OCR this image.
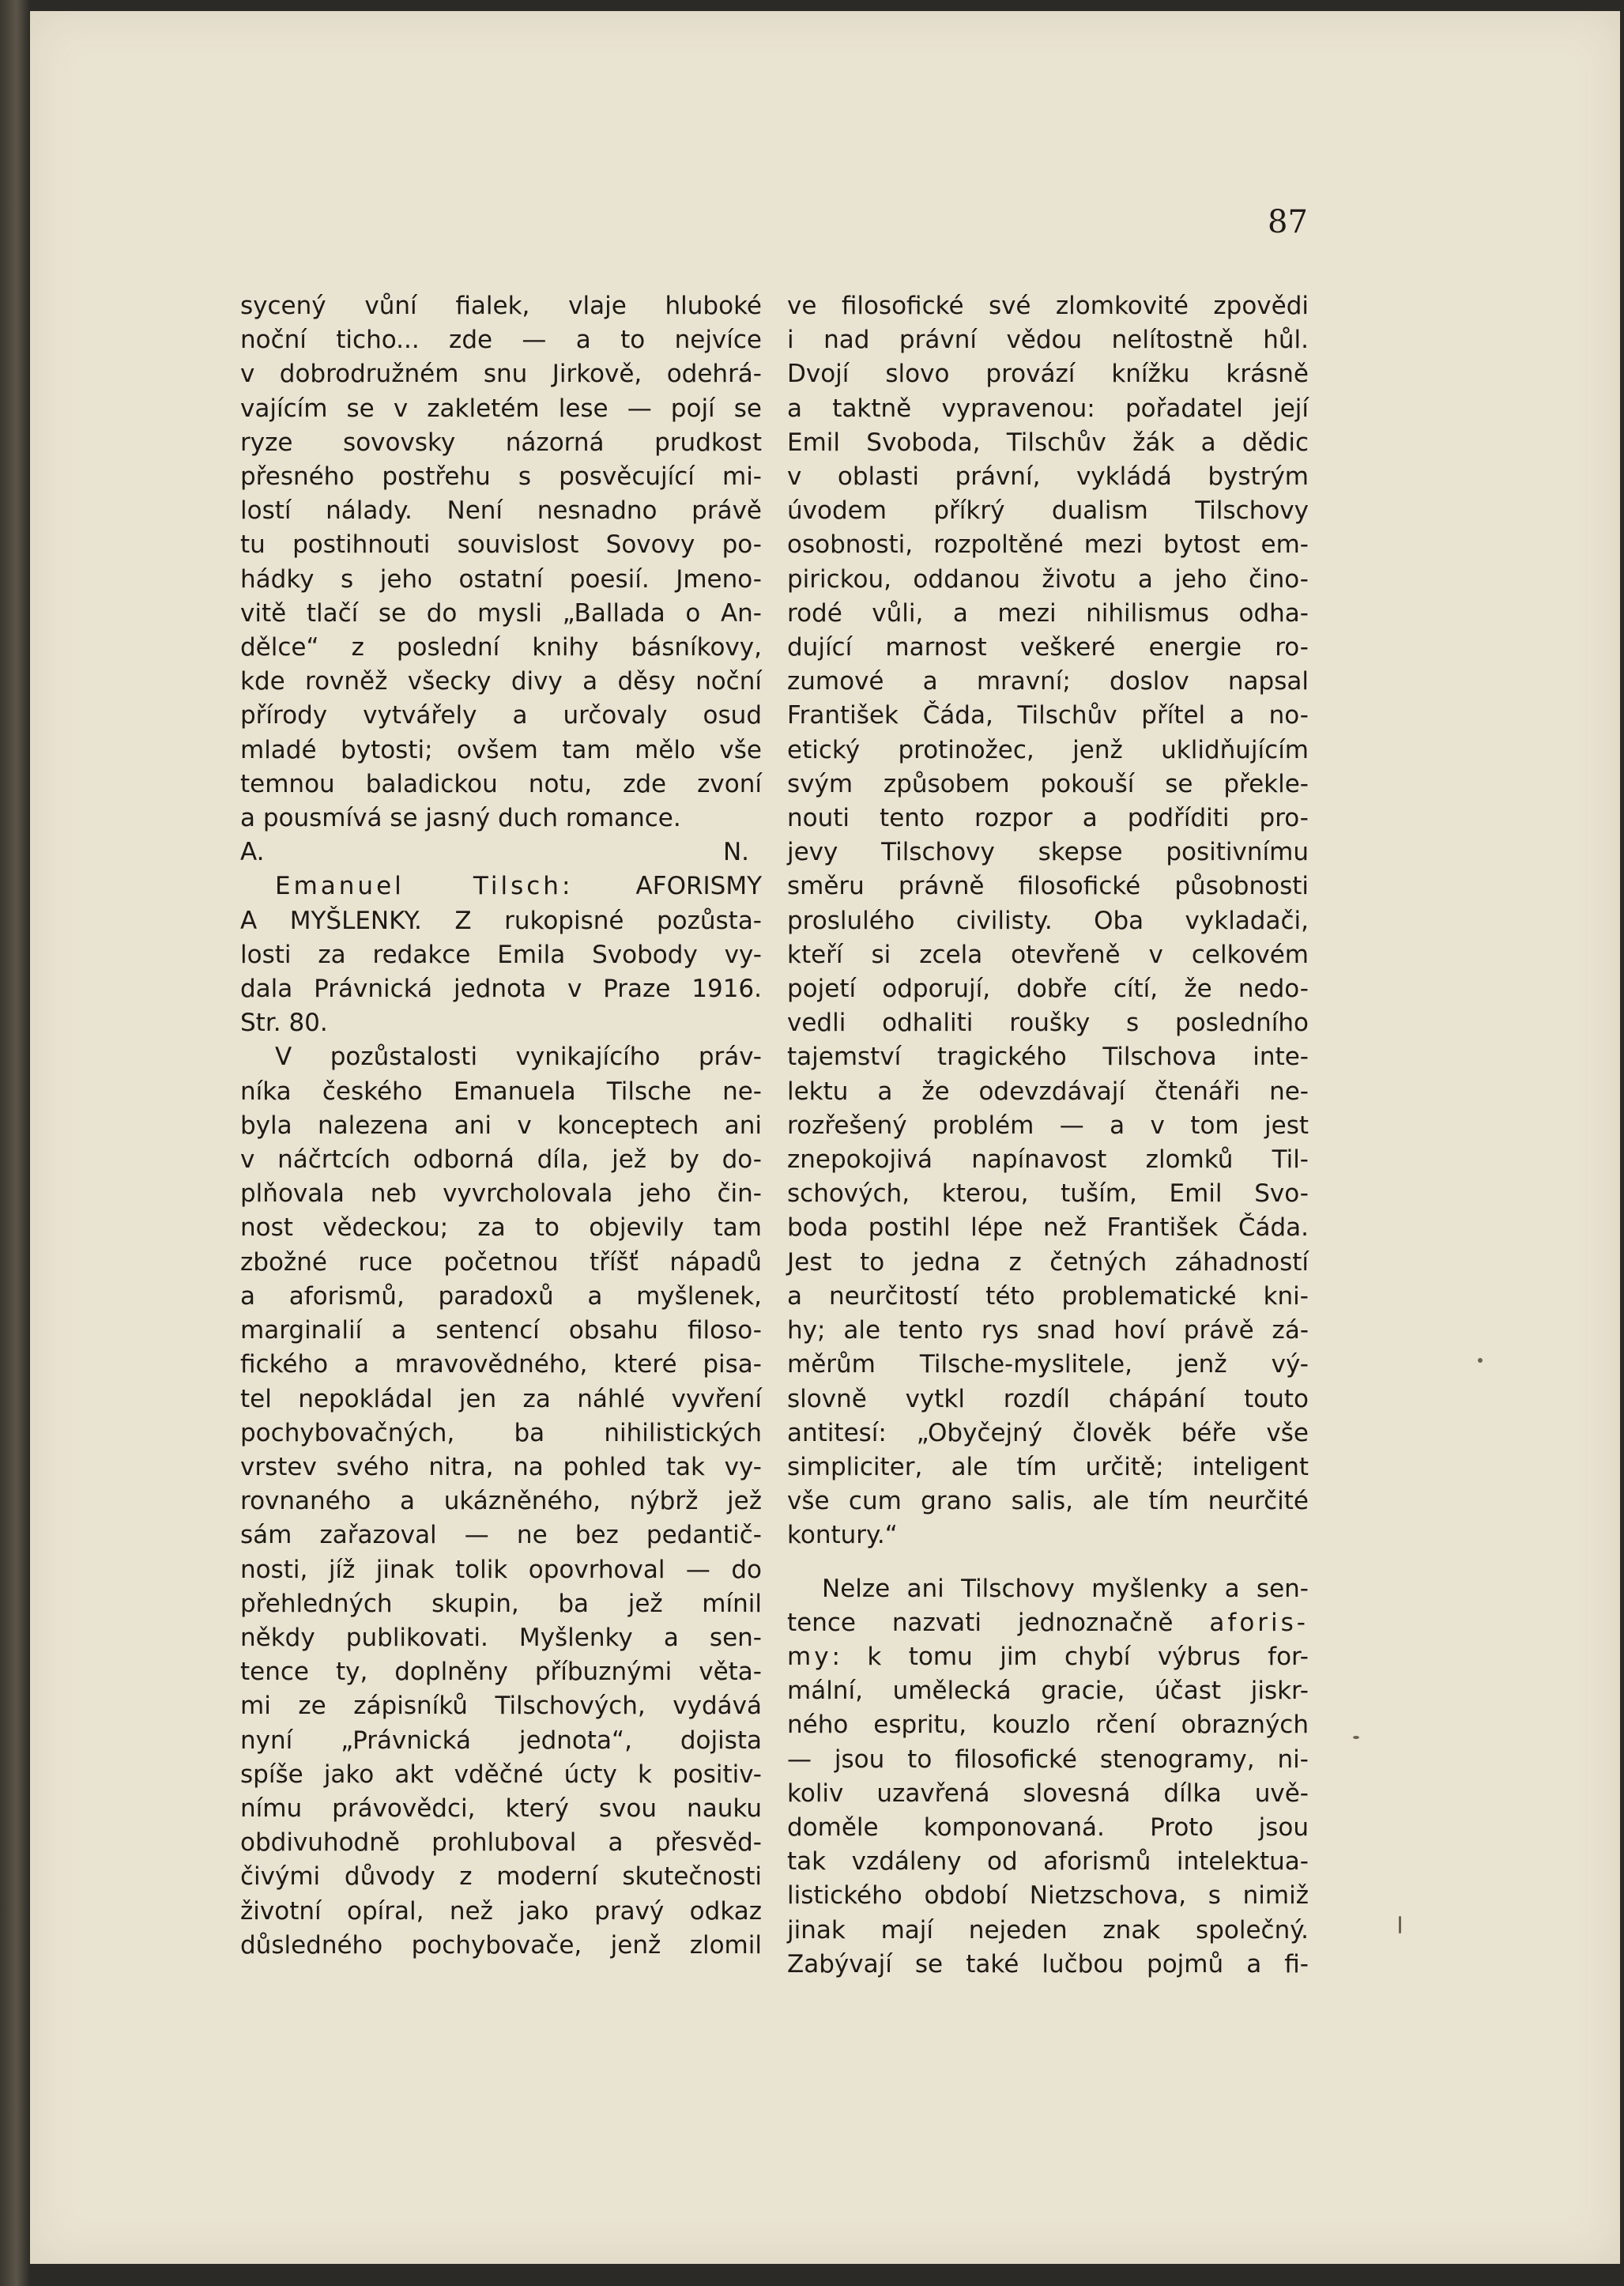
87

sycený vůní fialek, vlaje hluboké

noční ticho... zde — a to nejvíce

v dobrodružném snu Jirkově, odehrá-

vajícím se v zakletém lese — pojí se

ryze sovovsky názorná prudkost

přesného postřehu s posvěcující mi-

lostí nálady. Není nesnadno právě

tu postihnouti souvislost Sovovy po-

hádky s jeho ostatní poesií. Jmeno-

vitě tlačí se do mysli „Ballada o An-

dělce“ z poslední knihy básníkovy,

kde rovněž všecky divy a děsy noční

přírody vytvářely a určovaly osud

mladé bytosti; ovšem tam mělo vše

temnou baladickou notu, zde zvoní

a pousmívá se jasný duch romance.

A. N.

Emanuel Tilsch: AFORISMY

A MYŠLENKY. Z rukopisné pozůsta-

losti za redakce Emila Svobody vy-

dala Právnická jednota v Praze 1916.

Str. 80.

V pozůstalosti vynikajícího práv-

níka českého Emanuela Tilsche ne-

byla nalezena ani v konceptech ani

v náčrtcích odborná díla, jež by do-

plňovala neb vyvrcholovala jeho čin-

nost vědeckou; za to objevily tam

zbožné ruce početnou tříšť nápadů

a aforismů, paradoxů a myšlenek,

marginalií a sentencí obsahu filoso-

fického a mravovědného, které pisa-

tel nepokládal jen za náhlé vyvření

pochybovačných, ba nihilistických

vrstev svého nitra, na pohled tak vy-

rovnaného a ukázněného, nýbrž jež

sám zařazoval — ne bez pedantič-

nosti, jíž jinak tolik opovrhoval — do

přehledných skupin, ba jež mínil

někdy publikovati. Myšlenky a sen-

tence ty, doplněny příbuznými věta-

mi ze zápisníků Tilschových, vydává

nyní „Právnická jednota“, dojista

spíše jako akt vděčné úcty k positiv-

nímu právovědci, který svou nauku

obdivuhodně prohluboval a přesvěd-

čivými důvody z moderní skutečnosti

životní opíral, než jako pravý odkaz

důsledného pochybovače, jenž zlomil

ve filosofické své zlomkovité zpovědi

i nad právní vědou nelítostně hůl.

Dvojí slovo provází knížku krásně

a taktně vypravenou: pořadatel její

Emil Svoboda, Tilschův žák a dědic

v oblasti právní, vykládá bystrým

úvodem příkrý dualism Tilschovy

osobnosti, rozpoltěné mezi bytost em-

pirickou, oddanou životu a jeho čino-

rodé vůli, a mezi nihilismus odha-

dující marnost veškeré energie ro-

zumové a mravní; doslov napsal

František Čáda, Tilschův přítel a no-

etický protinožec, jenž uklidňujícím

svým způsobem pokouší se překle-

nouti tento rozpor a podříditi pro-

jevy Tilschovy skepse positivnímu

směru právně filosofické působnosti

proslulého civilisty. Oba vykladači,

kteří si zcela otevřeně v celkovém

pojetí odporují, dobře cítí, že nedo-

vedli odhaliti roušky s posledního

tajemství tragického Tilschova inte-

lektu a že odevzdávají čtenáři ne-

rozřešený problém — a v tom jest

znepokojivá napínavost zlomků Til-

schových, kterou, tuším, Emil Svo-

boda postihl lépe než František Čáda.

Jest to jedna z četných záhadností

a neurčitostí této problematické kni-

hy; ale tento rys snad hoví právě zá-

měrům Tilsche-myslitele, jenž vý-

slovně vytkl rozdíl chápání touto

antitesí: „Obyčejný člověk béře vše

simpliciter, ale tím určitě; inteligent

vše cum grano salis, ale tím neurčité

kontury.“

Nelze ani Tilschovy myšlenky a sen-

tence nazvati jednoznačně aforis-

my: k tomu jim chybí výbrus for-

mální, umělecká gracie, účast jiskr-

ného espritu, kouzlo rčení obrazných

— jsou to filosofické stenogramy, ni-

koliv uzavřená slovesná dílka uvě-

doměle komponovaná. Proto jsou

tak vzdáleny od aforismů intelektua-

listického období Nietzschova, s nimiž

jinak mají nejeden znak společný.

Zabývají se také lučbou pojmů a fi-
